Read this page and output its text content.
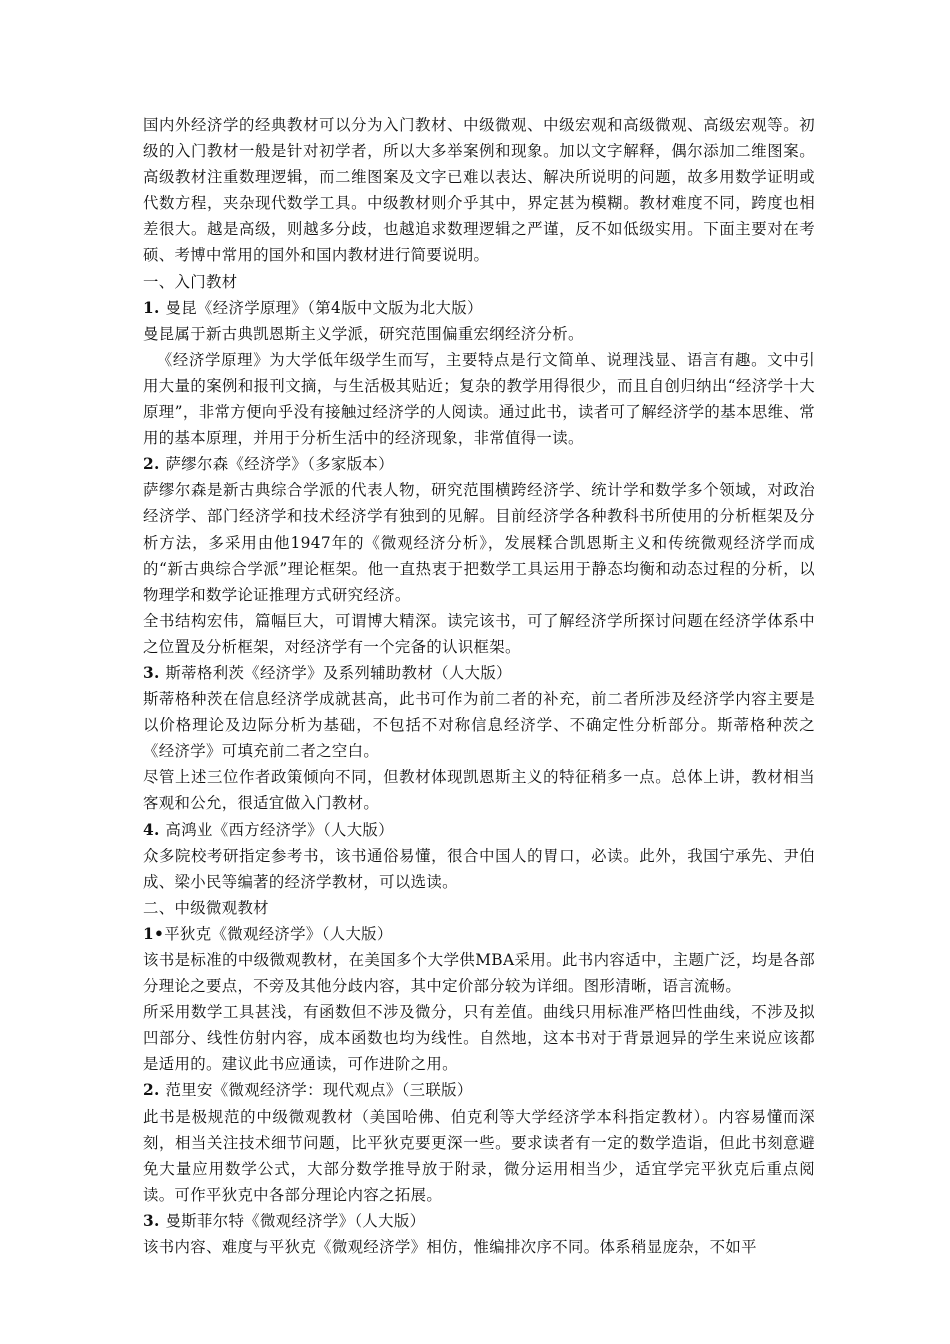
国内外经济学的经典教材可以分为入门教材、中级微观、中级宏观和高级微观、高级宏观等。初级的入门教材一般是针对初学者，所以大多举案例和现象。加以文字解释，偶尔添加二维图案。高级教材注重数理逻辑，而二维图案及文字已难以表达、解决所说明的问题，故多用数学证明或代数方程，夹杂现代数学工具。中级教材则介乎其中，界定甚为模糊。教材难度不同，跨度也相差很大。越是高级，则越多分歧，也越追求数理逻辑之严谨，反不如低级实用。下面主要对在考硕、考博中常用的国外和国内教材进行简要说明。

一、入门教材

1. 曼昆《经济学原理》（第4版中文版为北大版）

曼昆属于新古典凯恩斯主义学派，研究范围偏重宏纲经济分析。

《经济学原理》为大学低年级学生而写，主要特点是行文简单、说理浅显、语言有趣。文中引用大量的案例和报刊文摘，与生活极其贴近；复杂的教学用得很少，而且自创归纳出“经济学十大原理”，非常方便向乎没有接触过经济学的人阅读。通过此书，读者可了解经济学的基本思维、常用的基本原理，并用于分析生活中的经济现象，非常值得一读。

2. 萨缪尔森《经济学》（多家版本）

萨缪尔森是新古典综合学派的代表人物，研究范围横跨经济学、统计学和数学多个领域，对政治经济学、部门经济学和技术经济学有独到的见解。目前经济学各种教科书所使用的分析框架及分析方法，多采用由他1947年的《微观经济分析》，发展糅合凯恩斯主义和传统微观经济学而成的“新古典综合学派”理论框架。他一直热衷于把数学工具运用于静态均衡和动态过程的分析，以物理学和数学论证推理方式研究经济。

全书结构宏伟，篇幅巨大，可谓博大精深。读完该书，可了解经济学所探讨问题在经济学体系中之位置及分析框架，对经济学有一个完备的认识框架。

3. 斯蒂格利茨《经济学》及系列辅助教材（人大版）

斯蒂格种茨在信息经济学成就甚高，此书可作为前二者的补充，前二者所涉及经济学内容主要是以价格理论及边际分析为基础，不包括不对称信息经济学、不确定性分析部分。斯蒂格种茨之《经济学》可填充前二者之空白。

尽管上述三位作者政策倾向不同，但教材体现凯恩斯主义的特征稍多一点。总体上讲，教材相当客观和公允，很适宜做入门教材。

4. 高鸿业《西方经济学》（人大版）

众多院校考研指定参考书，该书通俗易懂，很合中国人的胃口，必读。此外，我国宁承先、尹伯成、梁小民等编著的经济学教材，可以选读。

二、中级微观教材

1•平狄克《微观经济学》（人大版）

该书是标准的中级微观教材，在美国多个大学供MBA采用。此书内容适中，主题广泛，均是各部分理论之要点，不旁及其他分歧内容，其中定价部分较为详细。图形清晰，语言流畅。

所采用数学工具甚浅，有函数但不涉及微分，只有差值。曲线只用标准严格凹性曲线，不涉及拟凹部分、线性仿射内容，成本函数也均为线性。自然地，这本书对于背景迥异的学生来说应该都是适用的。建议此书应通读，可作进阶之用。

2. 范里安《微观经济学：现代观点》（三联版）

此书是极规范的中级微观教材（美国哈佛、伯克利等大学经济学本科指定教材）。内容易懂而深刻，相当关注技术细节问题，比平狄克要更深一些。要求读者有一定的数学造诣，但此书刻意避免大量应用数学公式，大部分数学推导放于附录，微分运用相当少，适宜学完平狄克后重点阅读。可作平狄克中各部分理论内容之拓展。

3. 曼斯菲尔特《微观经济学》（人大版）

该书内容、难度与平狄克《微观经济学》相仿，惟编排次序不同。体系稍显庞杂，不如平
